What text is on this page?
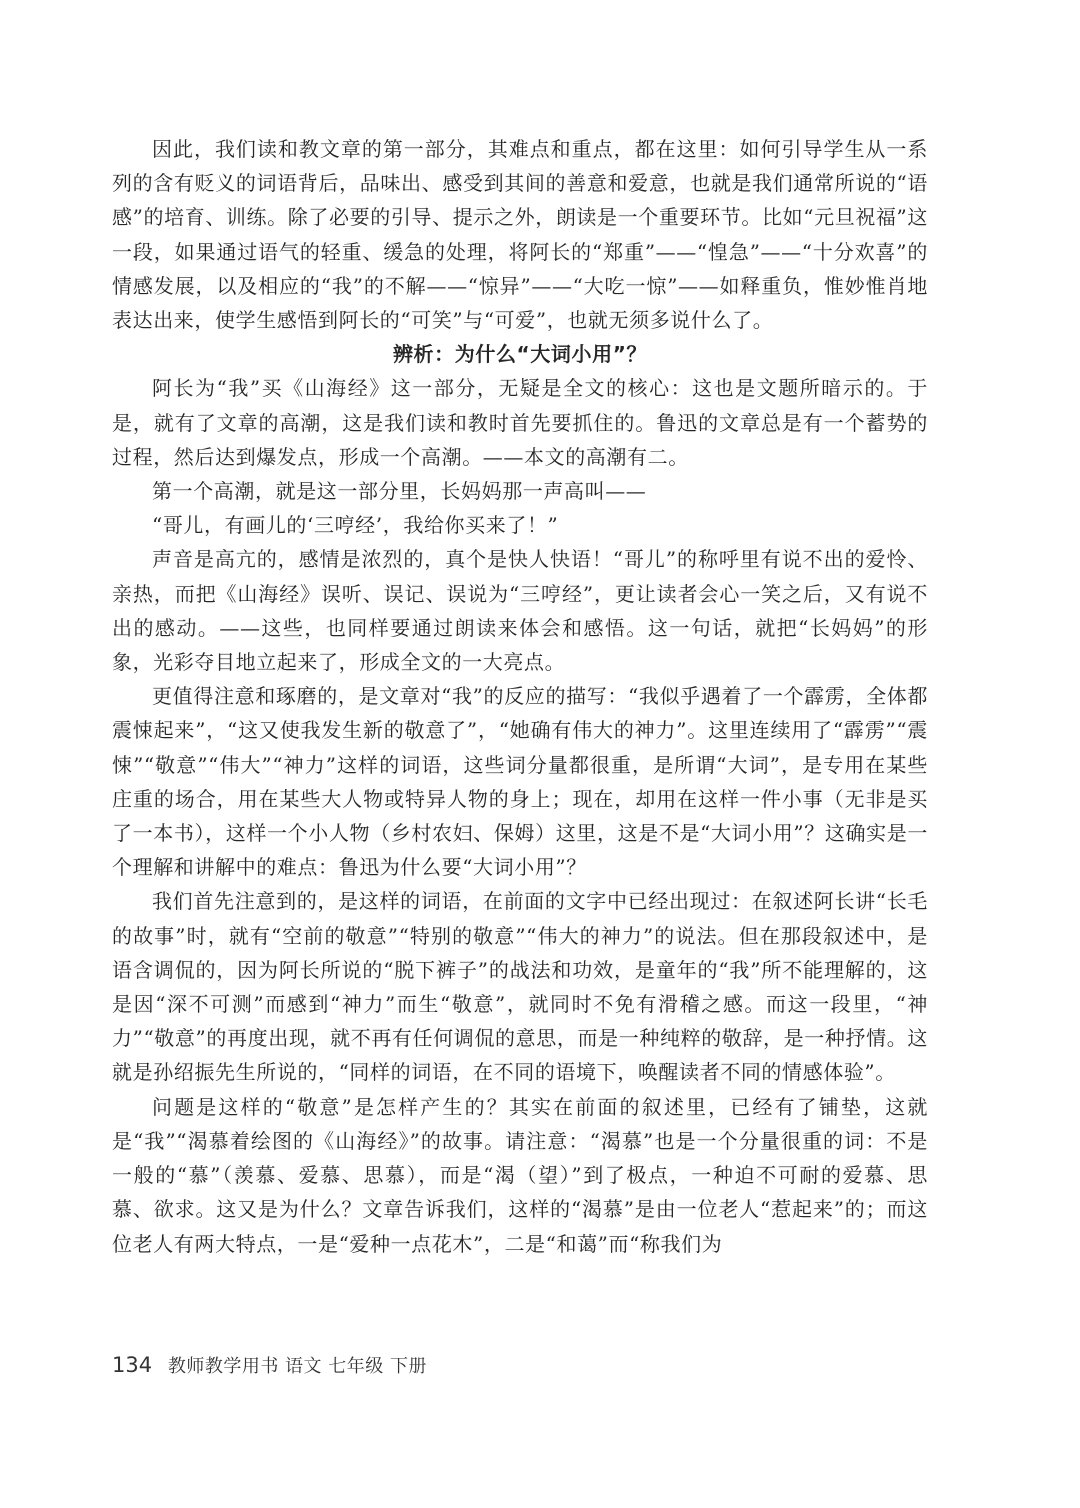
因此，我们读和教文章的第一部分，其难点和重点，都在这里：如何引导学生从一系列的含有贬义的词语背后，品味出、感受到其间的善意和爱意，也就是我们通常所说的“语感”的培育、训练。除了必要的引导、提示之外，朗读是一个重要环节。比如“元旦祝福”这一段，如果通过语气的轻重、缓急的处理，将阿长的“郑重”——“惶急”——“十分欢喜”的情感发展，以及相应的“我”的不解——“惊异”——“大吃一惊”——如释重负，惟妙惟肖地表达出来，使学生感悟到阿长的“可笑”与“可爱”，也就无须多说什么了。

辨析：为什么“大词小用”？

阿长为“我”买《山海经》这一部分，无疑是全文的核心：这也是文题所暗示的。于是，就有了文章的高潮，这是我们读和教时首先要抓住的。鲁迅的文章总是有一个蓄势的过程，然后达到爆发点，形成一个高潮。——本文的高潮有二。

第一个高潮，就是这一部分里，长妈妈那一声高叫——

“哥儿，有画儿的‘三哼经’，我给你买来了！”

声音是高亢的，感情是浓烈的，真个是快人快语！“哥儿”的称呼里有说不出的爱怜、亲热，而把《山海经》误听、误记、误说为“三哼经”，更让读者会心一笑之后，又有说不出的感动。——这些，也同样要通过朗读来体会和感悟。这一句话，就把“长妈妈”的形象，光彩夺目地立起来了，形成全文的一大亮点。

更值得注意和琢磨的，是文章对“我”的反应的描写：“我似乎遇着了一个霹雳，全体都震悚起来”，“这又使我发生新的敬意了”，“她确有伟大的神力”。这里连续用了“霹雳”“震悚”“敬意”“伟大”“神力”这样的词语，这些词分量都很重，是所谓“大词”，是专用在某些庄重的场合，用在某些大人物或特异人物的身上；现在，却用在这样一件小事（无非是买了一本书），这样一个小人物（乡村农妇、保姆）这里，这是不是“大词小用”？这确实是一个理解和讲解中的难点：鲁迅为什么要“大词小用”？

我们首先注意到的，是这样的词语，在前面的文字中已经出现过：在叙述阿长讲“长毛的故事”时，就有“空前的敬意”“特别的敬意”“伟大的神力”的说法。但在那段叙述中，是语含调侃的，因为阿长所说的“脱下裤子”的战法和功效，是童年的“我”所不能理解的，这是因“深不可测”而感到“神力”而生“敬意”，就同时不免有滑稽之感。而这一段里，“神力”“敬意”的再度出现，就不再有任何调侃的意思，而是一种纯粹的敬辞，是一种抒情。这就是孙绍振先生所说的，“同样的词语，在不同的语境下，唤醒读者不同的情感体验”。

问题是这样的“敬意”是怎样产生的？其实在前面的叙述里，已经有了铺垫，这就是“我”“渴慕着绘图的《山海经》”的故事。请注意：“渴慕”也是一个分量很重的词：不是一般的“慕”（羡慕、爱慕、思慕），而是“渴（望）”到了极点，一种迫不可耐的爱慕、思慕、欲求。这又是为什么？文章告诉我们，这样的“渴慕”是由一位老人“惹起来”的；而这位老人有两大特点，一是“爱种一点花木”，二是“和蔼”而“称我们为

134 教师教学用书 语文 七年级 下册
